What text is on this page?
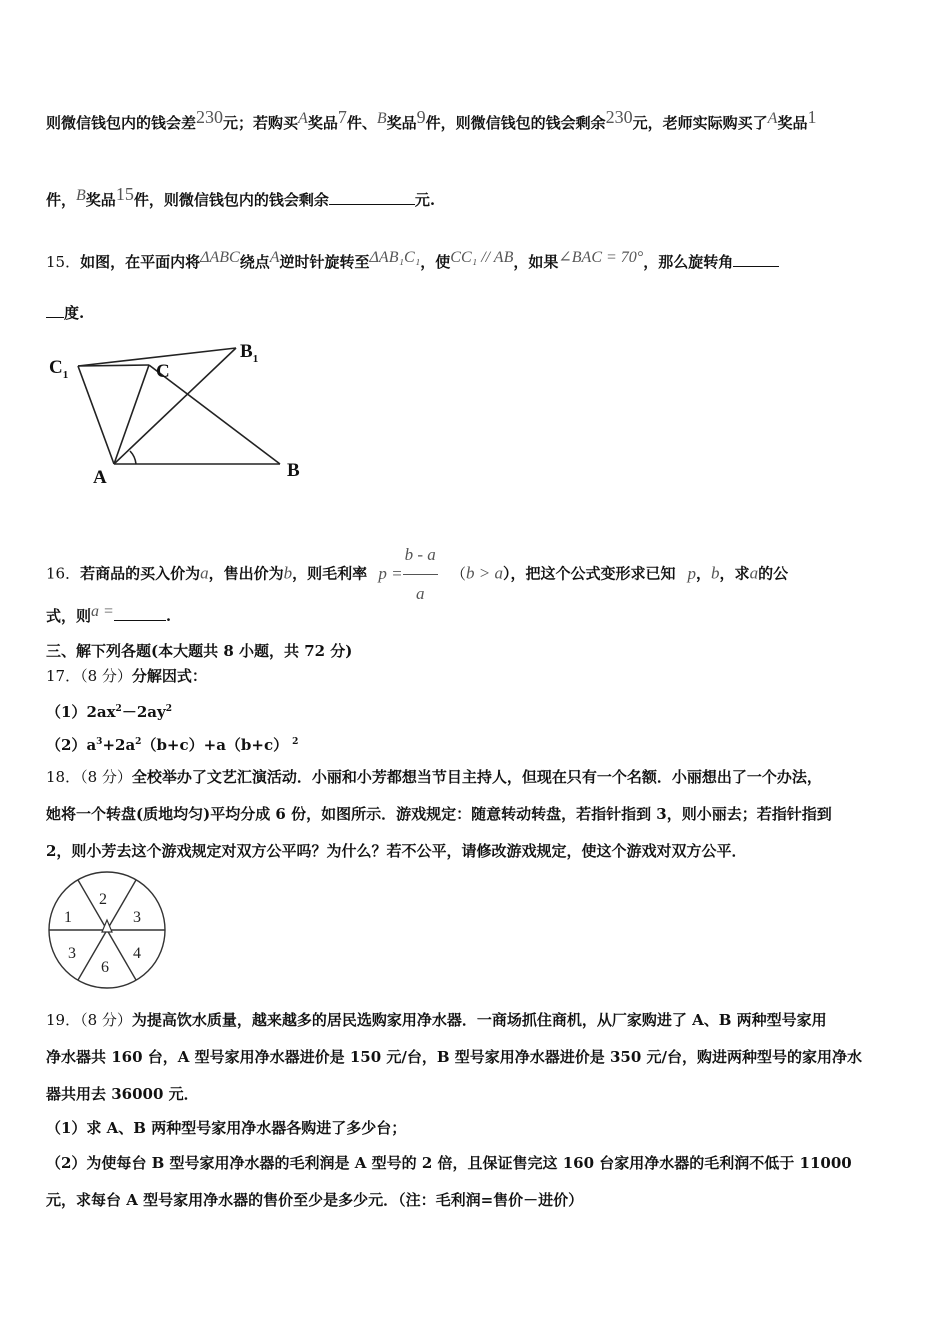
则微信钱包内的钱会差230元；若购买A奖品7件、B奖品9件，则微信钱包的钱会剩余230元，老师实际购买了A奖品1
件，B奖品15件，则微信钱包内的钱会剩余	元.
15．如图，在平面内将ΔABC绕点A逆时针旋转至ΔAB₁C₁，使CC₁ // AB，如果∠BAC = 70°，那么旋转角
度.
$C_1$	C
$B_1$
A	B
16．若商品的买入价为a，售出价为b，则毛利率 $p = \frac{b - a}{a} (b > a)$，把这个公式变形求已知 p，b，求a的公
式，则a =	.
三、解下列各题(本大题共 8 小题，共 72 分)
17．（8 分）分解因式：
$(1)2ax^2-2ay^2$
$(2)a^3+2a^2(b+c)+a(b+c)$ $^2$
18．（8 分）全校举办了文艺汇演活动．小丽和小芳都想当节目主持人，但现在只有一个名额．小丽想出了一个办法，
她将一个转盘(质地均匀)平均分成 6 份，如图所示．游戏规定：随意转动转盘，若指针指到 3，则小丽去；若指针指到
2，则小芳去这个游戏规定对双方公平吗？为什么？若不公平，请修改游戏规定，使这个游戏对双方公平．
2
3
4
6
3
1
19．（8 分）为提高饮水质量，越来越多的居民选购家用净水器．一商场抓住商机，从厂家购进了 A、B 两种型号家用
净水器共 160 台，A 型号家用净水器进价是 150 元/台，B 型号家用净水器进价是 350 元/台，购进两种型号的家用净水
器共用去 36000 元．
（1）求 A、B 两种型号家用净水器各购进了多少台；
（2）为使每台 B 型号家用净水器的毛利润是 A 型号的 2 倍，且保证售完这 160 台家用净水器的毛利润不低于 11000
元，求每台 A 型号家用净水器的售价至少是多少元．（注：毛利润=售价－进价）
